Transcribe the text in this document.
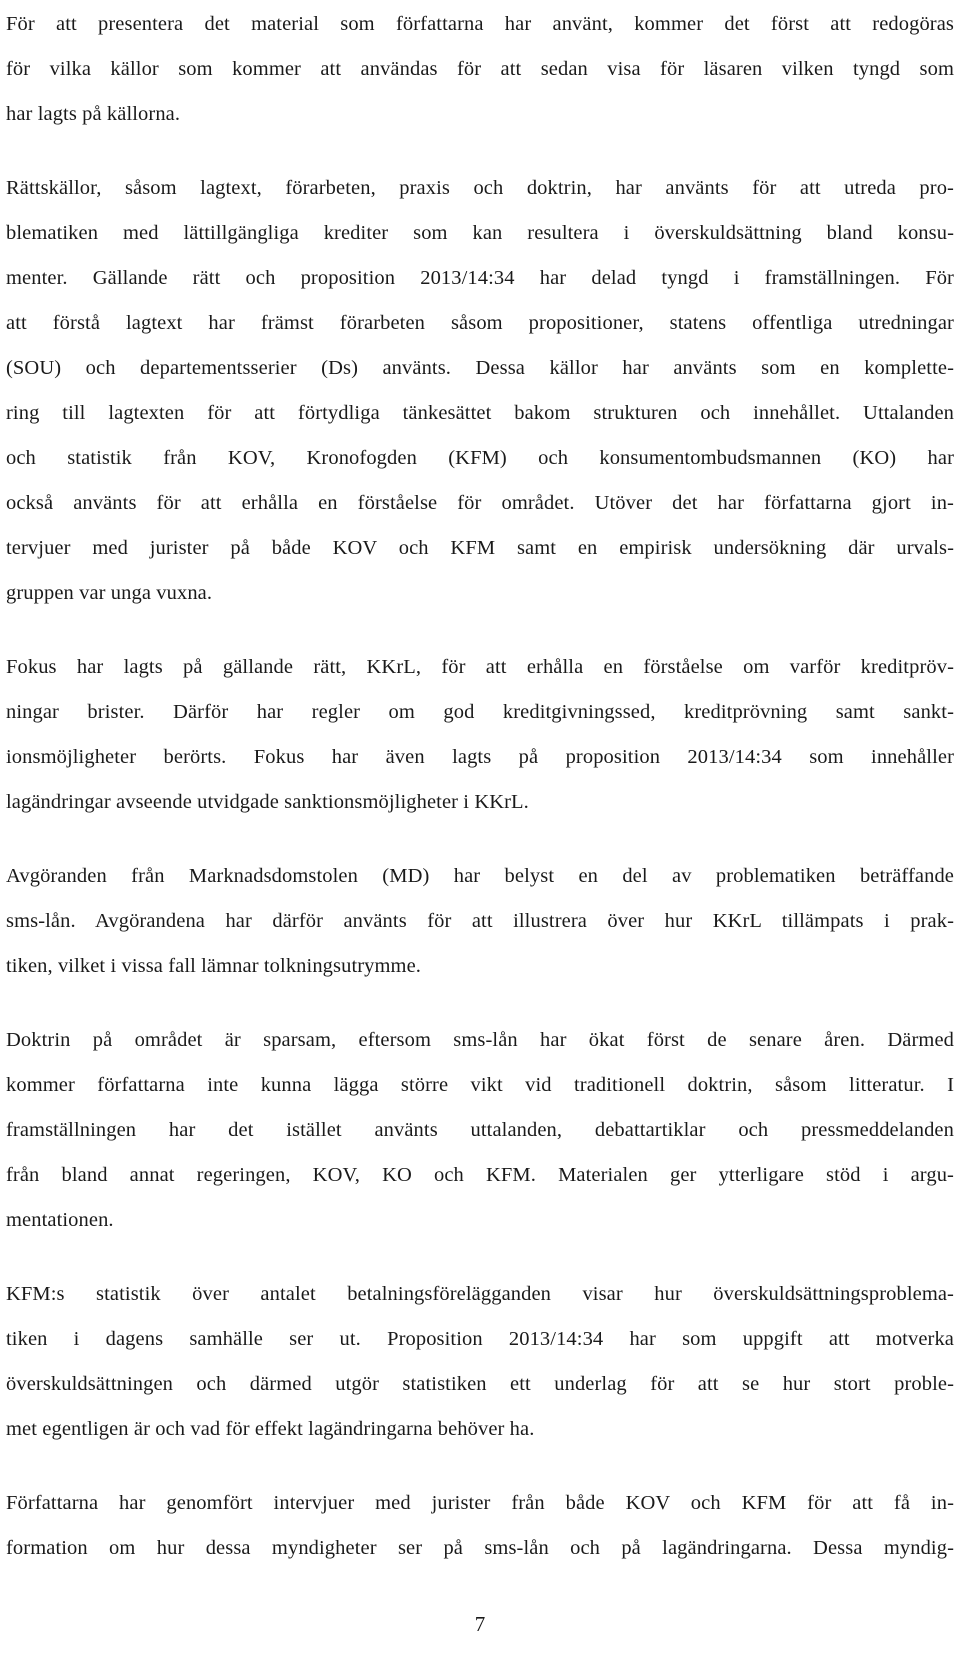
För att presentera det material som författarna har använt, kommer det först att redogöras
för vilka källor som kommer att användas för att sedan visa för läsaren vilken tyngd som
har lagts på källorna.

Rättskällor, såsom lagtext, förarbeten, praxis och doktrin, har använts för att utreda pro-
blematiken med lättillgängliga krediter som kan resultera i överskuldsättning bland konsu-
menter. Gällande rätt och proposition 2013/14:34 har delad tyngd i framställningen. För
att förstå lagtext har främst förarbeten såsom propositioner, statens offentliga utredningar
(SOU) och departementsserier (Ds) använts. Dessa källor har använts som en komplette-
ring till lagtexten för att förtydliga tänkesättet bakom strukturen och innehållet. Uttalanden
och statistik från KOV, Kronofogden (KFM) och konsumentombudsmannen (KO) har
också använts för att erhålla en förståelse för området. Utöver det har författarna gjort in-
tervjuer med jurister på både KOV och KFM samt en empirisk undersökning där urvals-
gruppen var unga vuxna.

Fokus har lagts på gällande rätt, KKrL, för att erhålla en förståelse om varför kreditpröv-
ningar brister. Därför har regler om god kreditgivningssed, kreditprövning samt sankt-
ionsmöjligheter berörts. Fokus har även lagts på proposition 2013/14:34 som innehåller
lagändringar avseende utvidgade sanktionsmöjligheter i KKrL.

Avgöranden från Marknadsdomstolen (MD) har belyst en del av problematiken beträffande
sms-lån. Avgörandena har därför använts för att illustrera över hur KKrL tillämpats i prak-
tiken, vilket i vissa fall lämnar tolkningsutrymme.

Doktrin på området är sparsam, eftersom sms-lån har ökat först de senare åren. Därmed
kommer författarna inte kunna lägga större vikt vid traditionell doktrin, såsom litteratur. I
framställningen har det istället använts uttalanden, debattartiklar och pressmeddelanden
från bland annat regeringen, KOV, KO och KFM. Materialen ger ytterligare stöd i argu-
mentationen.

KFM:s statistik över antalet betalningsförelägganden visar hur överskuldsättningsproblema-
tiken i dagens samhälle ser ut. Proposition 2013/14:34 har som uppgift att motverka
överskuldsättningen och därmed utgör statistiken ett underlag för att se hur stort proble-
met egentligen är och vad för effekt lagändringarna behöver ha.

Författarna har genomfört intervjuer med jurister från både KOV och KFM för att få in-
formation om hur dessa myndigheter ser på sms-lån och på lagändringarna. Dessa myndig-

7
